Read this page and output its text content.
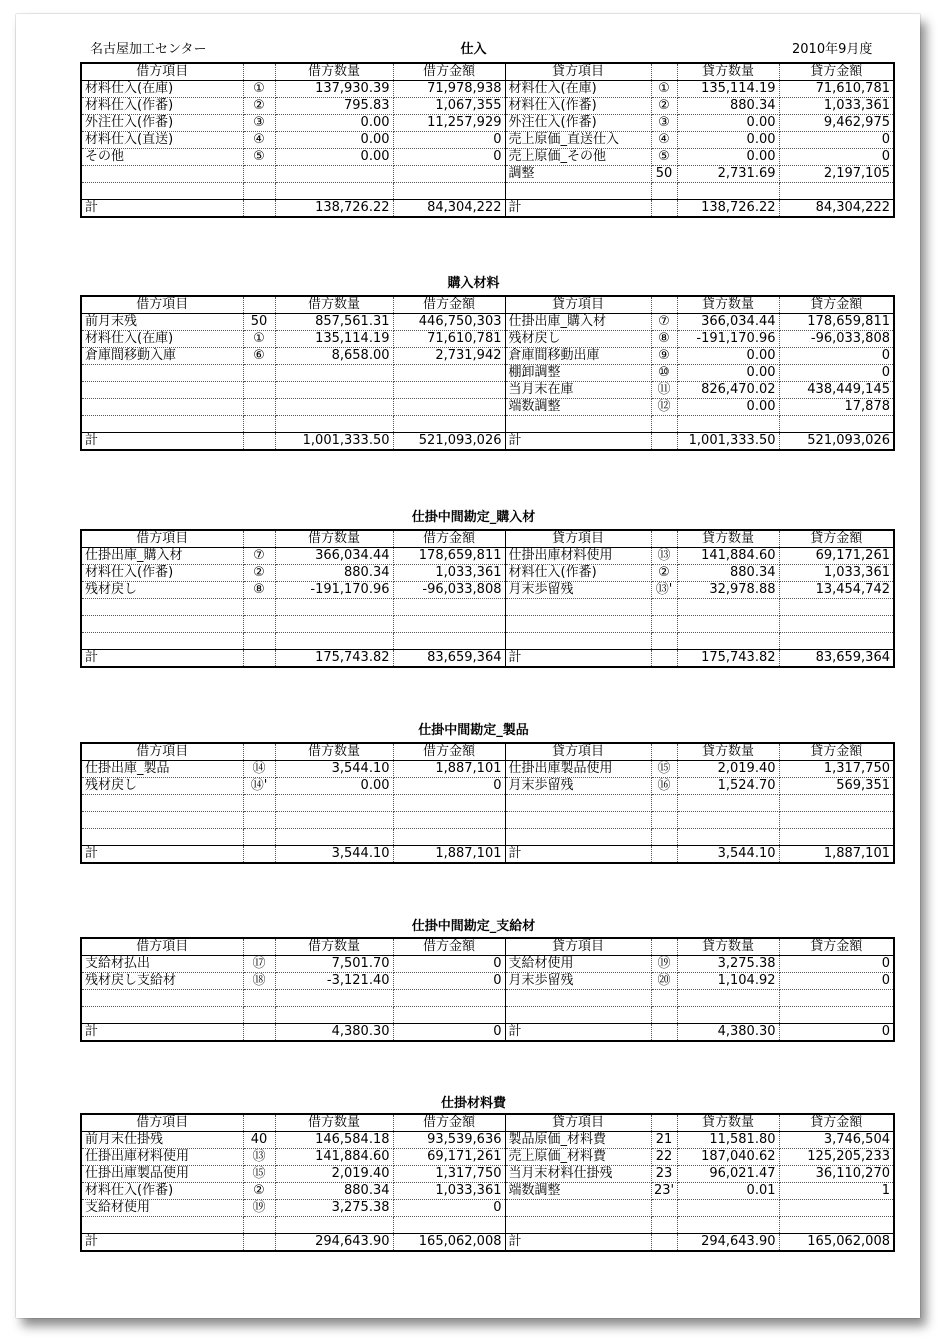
名古屋加工センター	2010年9月度
仕入
借方項目		借方数量	借方金額	貸方項目		貸方数量	貸方金額
材料仕入(在庫)	①	137,930.39	71,978,938	材料仕入(在庫)	①	135,114.19	71,610,781
材料仕入(作番)	②	795.83	1,067,355	材料仕入(作番)	②	880.34	1,033,361
外注仕入(作番)	③	0.00	11,257,929	外注仕入(作番)	③	0.00	9,462,975
材料仕入(直送)	④	0.00	0	売上原価_直送仕入	④	0.00	0
その他	⑤	0.00	0	売上原価_その他	⑤	0.00	0
				調整	50	2,731.69	2,197,105

計		138,726.22	84,304,222	計		138,726.22	84,304,222
購入材料
借方項目		借方数量	借方金額	貸方項目		貸方数量	貸方金額
前月末残	50	857,561.31	446,750,303	仕掛出庫_購入材	⑦	366,034.44	178,659,811
材料仕入(在庫)	①	135,114.19	71,610,781	残材戻し	⑧	-191,170.96	-96,033,808
倉庫間移動入庫	⑥	8,658.00	2,731,942	倉庫間移動出庫	⑨	0.00	0
				棚卸調整	⑩	0.00	0
				当月末在庫	⑪	826,470.02	438,449,145
				端数調整	⑫	0.00	17,878

計		1,001,333.50	521,093,026	計		1,001,333.50	521,093,026
仕掛中間勘定_購入材
借方項目		借方数量	借方金額	貸方項目		貸方数量	貸方金額
仕掛出庫_購入材	⑦	366,034.44	178,659,811	仕掛出庫材料使用	⑬	141,884.60	69,171,261
材料仕入(作番)	②	880.34	1,033,361	材料仕入(作番)	②	880.34	1,033,361
残材戻し	⑧	-191,170.96	-96,033,808	月末歩留残	⑬'	32,978.88	13,454,742

計		175,743.82	83,659,364	計		175,743.82	83,659,364
仕掛中間勘定_製品
借方項目		借方数量	借方金額	貸方項目		貸方数量	貸方金額
仕掛出庫_製品	⑭	3,544.10	1,887,101	仕掛出庫製品使用	⑮	2,019.40	1,317,750
残材戻し	⑭'	0.00	0	月末歩留残	⑯	1,524.70	569,351

計		3,544.10	1,887,101	計		3,544.10	1,887,101
仕掛中間勘定_支給材
借方項目		借方数量	借方金額	貸方項目		貸方数量	貸方金額
支給材払出	⑰	7,501.70	0	支給材使用	⑲	3,275.38	0
残材戻し支給材	⑱	-3,121.40	0	月末歩留残	⑳	1,104.92	0

計		4,380.30	0	計		4,380.30	0
仕掛材料費
借方項目		借方数量	借方金額	貸方項目		貸方数量	貸方金額
前月末仕掛残	40	146,584.18	93,539,636	製品原価_材料費	21	11,581.80	3,746,504
仕掛出庫材料使用	⑬	141,884.60	69,171,261	売上原価_材料費	22	187,040.62	125,205,233
仕掛出庫製品使用	⑮	2,019.40	1,317,750	当月末材料仕掛残	23	96,021.47	36,110,270
材料仕入(作番)	②	880.34	1,033,361	端数調整	23'	0.01	1
支給材使用	⑲	3,275.38	0				

計		294,643.90	165,062,008	計		294,643.90	165,062,008
